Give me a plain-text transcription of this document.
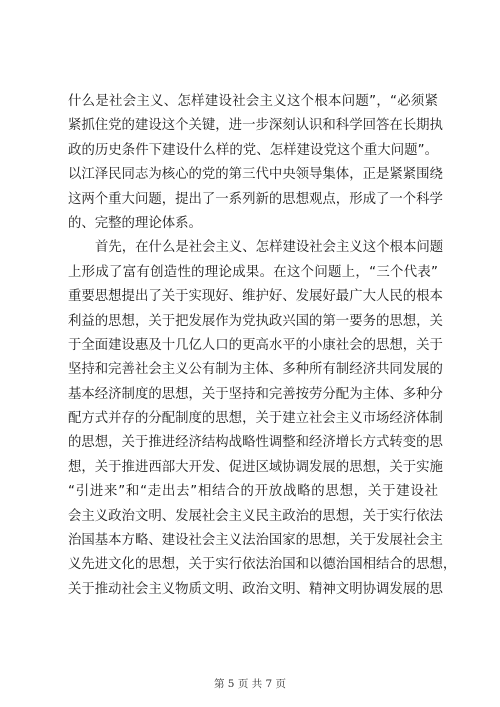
什么是社会主义、怎样建设社会主义这个根本问题”，“必须紧
紧抓住党的建设这个关键，进一步深刻认识和科学回答在长期执
政的历史条件下建设什么样的党、怎样建设党这个重大问题”。
以江泽民同志为核心的党的第三代中央领导集体，正是紧紧围绕
这两个重大问题，提出了一系列新的思想观点，形成了一个科学
的、完整的理论体系。
首先，在什么是社会主义、怎样建设社会主义这个根本问题
上形成了富有创造性的理论成果。在这个问题上，“三个代表”
重要思想提出了关于实现好、维护好、发展好最广大人民的根本
利益的思想，关于把发展作为党执政兴国的第一要务的思想，关
于全面建设惠及十几亿人口的更高水平的小康社会的思想，关于
坚持和完善社会主义公有制为主体、多种所有制经济共同发展的
基本经济制度的思想，关于坚持和完善按劳分配为主体、多种分
配方式并存的分配制度的思想，关于建立社会主义市场经济体制
的思想，关于推进经济结构战略性调整和经济增长方式转变的思
想，关于推进西部大开发、促进区域协调发展的思想，关于实施
“引进来”和“走出去”相结合的开放战略的思想，关于建设社
会主义政治文明、发展社会主义民主政治的思想，关于实行依法
治国基本方略、建设社会主义法治国家的思想，关于发展社会主
义先进文化的思想，关于实行依法治国和以德治国相结合的思想，
关于推动社会主义物质文明、政治文明、精神文明协调发展的思
第 5 页 共 7 页
